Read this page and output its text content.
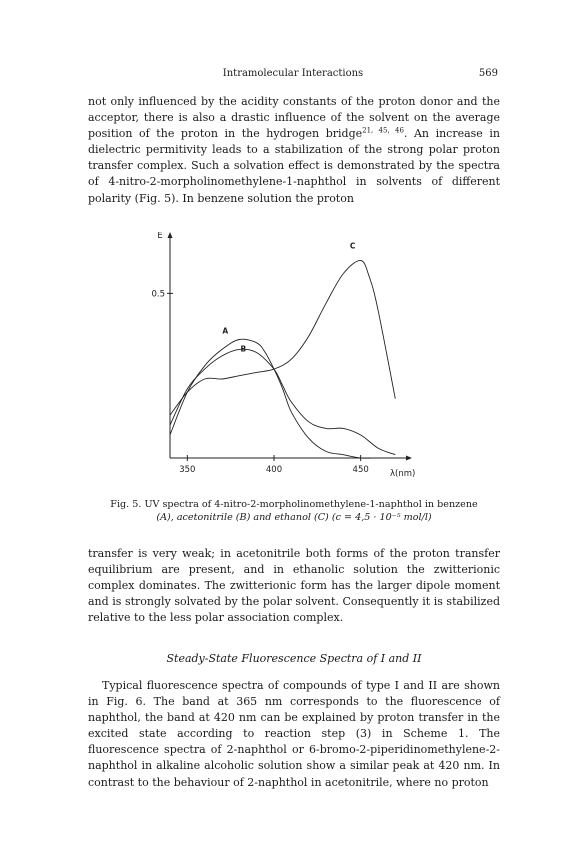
Intramolecular Interactions	569

not only influenced by the acidity constants of the proton donor and the acceptor, there is also a drastic influence of the solvent on the average position of the proton in the hydrogen bridge$^{21, 45, 46}$. An increase in dielectric permitivity leads to a stabilization of the strong polar proton transfer complex. Such a solvation effect is demonstrated by the spectra of 4-nitro-2-morpholinomethylene-1-naphthol in solvents of different polarity (Fig. 5). In benzene solution the proton

350	400	450
0.5
E
λ(nm)
A
B
C
Fig. 5. UV spectra of 4-nitro-2-morpholinomethylene-1-naphthol in benzene
(A), acetonitrile (B) and ethanol (C) (c = 4,5 · 10⁻⁵ mol/l)

transfer is very weak; in acetonitrile both forms of the proton transfer equilibrium are present, and in ethanolic solution the zwitterionic complex dominates. The zwitterionic form has the larger dipole moment and is strongly solvated by the polar solvent. Consequently it is stabilized relative to the less polar association complex.

Steady-State Fluorescence Spectra of I and II

Typical fluorescence spectra of compounds of type I and II are shown in Fig. 6. The band at 365 nm corresponds to the fluorescence of naphthol, the band at 420 nm can be explained by proton transfer in the excited state according to reaction step (3) in Scheme 1. The fluorescence spectra of 2-naphthol or 6-bromo-2-piperidinomethylene-2-naphthol in alkaline alcoholic solution show a similar peak at 420 nm. In contrast to the behaviour of 2-naphthol in acetonitrile, where no proton
